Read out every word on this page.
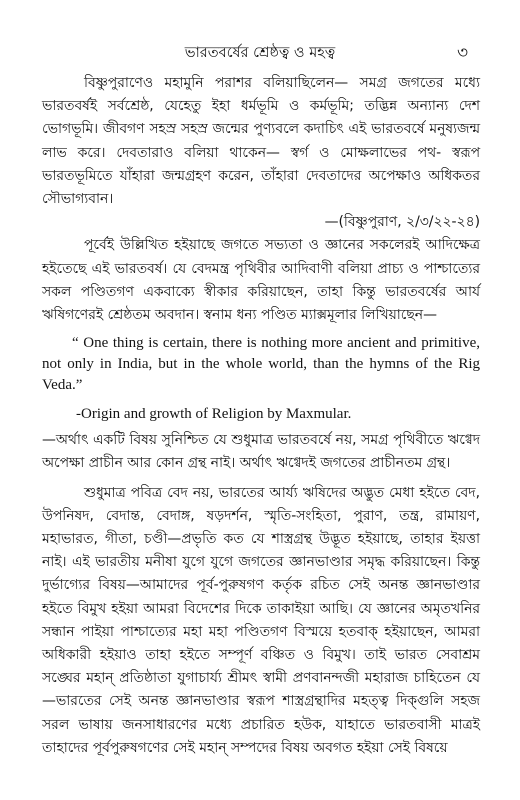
ভারতবর্ষের শ্রেষ্ঠত্ব ও মহত্ব	৩

বিষ্ণুপুরাণেও মহামুনি পরাশর বলিয়াছিলেন— সমগ্র জগতের মধ্যে ভারতবর্ষই সর্বশ্রেষ্ঠ, যেহেতু ইহা ধর্মভূমি ও কর্মভূমি; তদ্ভিন্ন অন্যান্য দেশ ভোগভূমি। জীবগণ সহস্র সহস্র জন্মের পুণ্যবলে কদাচিৎ এই ভারতবর্ষে মনুষ্যজন্ম লাভ করে। দেবতারাও বলিয়া থাকেন— স্বর্গ ও মোক্ষলাভের পথ- স্বরূপ ভারতভূমিতে যাঁহারা জন্মগ্রহণ করেন, তাঁহারা দেবতাদের অপেক্ষাও অধিকতর সৌভাগ্যবান।

—(বিষ্ণুপুরাণ, ২/৩/২২-২৪)

পূর্বেই উল্লিখিত হইয়াছে জগতে সভ্যতা ও জ্ঞানের সকলেরই আদিক্ষেত্র হইতেছে এই ভারতবর্ষ। যে বেদমন্ত্র পৃথিবীর আদিবাণী বলিয়া প্রাচ্য ও পাশ্চাত্যের সকল পণ্ডিতগণ একবাক্যে স্বীকার করিয়াছেন, তাহা কিন্তু ভারতবর্ষের আর্য ঋষিগণেরই শ্রেষ্ঠতম অবদান। স্বনাম ধন্য পণ্ডিত ম্যাক্সমূলার লিখিয়াছেন—

“ One thing is certain, there is nothing more ancient and primitive, not only in India, but in the whole world, than the hymns of the Rig Veda.”

-Origin and growth of Religion by Maxmular.

—অর্থাৎ একটি বিষয় সুনিশ্চিত যে শুধুমাত্র ভারতবর্ষে নয়, সমগ্র পৃথিবীতে ঋগ্বেদ অপেক্ষা প্রাচীন আর কোন গ্রন্থ নাই। অর্থাৎ ঋগ্বেদই জগতের প্রাচীনতম গ্রন্থ।

শুধুমাত্র পবিত্র বেদ নয়, ভারতের আর্য্য ঋষিদের অদ্ভুত মেধা হইতে বেদ, উপনিষদ, বেদান্ত, বেদাঙ্গ, ষড়দর্শন, স্মৃতি-সংহিতা, পুরাণ, তন্ত্র, রামায়ণ, মহাভারত, গীতা, চণ্ডী—প্রভৃতি কত যে শাস্ত্রগ্রন্থ উদ্ভূত হইয়াছে, তাহার ইয়ত্তা নাই। এই ভারতীয় মনীষা যুগে যুগে জগতের জ্ঞানভাণ্ডার সমৃদ্ধ করিয়াছেন। কিন্তু দুর্ভাগ্যের বিষয়—আমাদের পূর্ব-পুরুষগণ কর্তৃক রচিত সেই অনন্ত জ্ঞানভাণ্ডার হইতে বিমুখ হইয়া আমরা বিদেশের দিকে তাকাইয়া আছি। যে জ্ঞানের অমৃতখনির সন্ধান পাইয়া পাশ্চাত্যের মহা মহা পণ্ডিতগণ বিস্ময়ে হতবাক্ হইয়াছেন, আমরা অধিকারী হইয়াও তাহা হইতে সম্পূর্ণ বঞ্চিত ও বিমুখ। তাই ভারত সেবাশ্রম সঙ্ঘের মহান্ প্রতিষ্ঠাতা যুগাচার্য্য শ্রীমৎ স্বামী প্রণবানন্দজী মহারাজ চাহিতেন যে—ভারতের সেই অনন্ত জ্ঞানভাণ্ডার স্বরূপ শাস্ত্রগ্রন্থাদির মহত্ত্ব দিক্গুলি সহজ সরল ভাষায় জনসাধারণের মধ্যে প্রচারিত হউক, যাহাতে ভারতবাসী মাত্রই তাহাদের পূর্বপুরুষগণের সেই মহান্ সম্পদের বিষয় অবগত হইয়া সেই বিষয়ে
